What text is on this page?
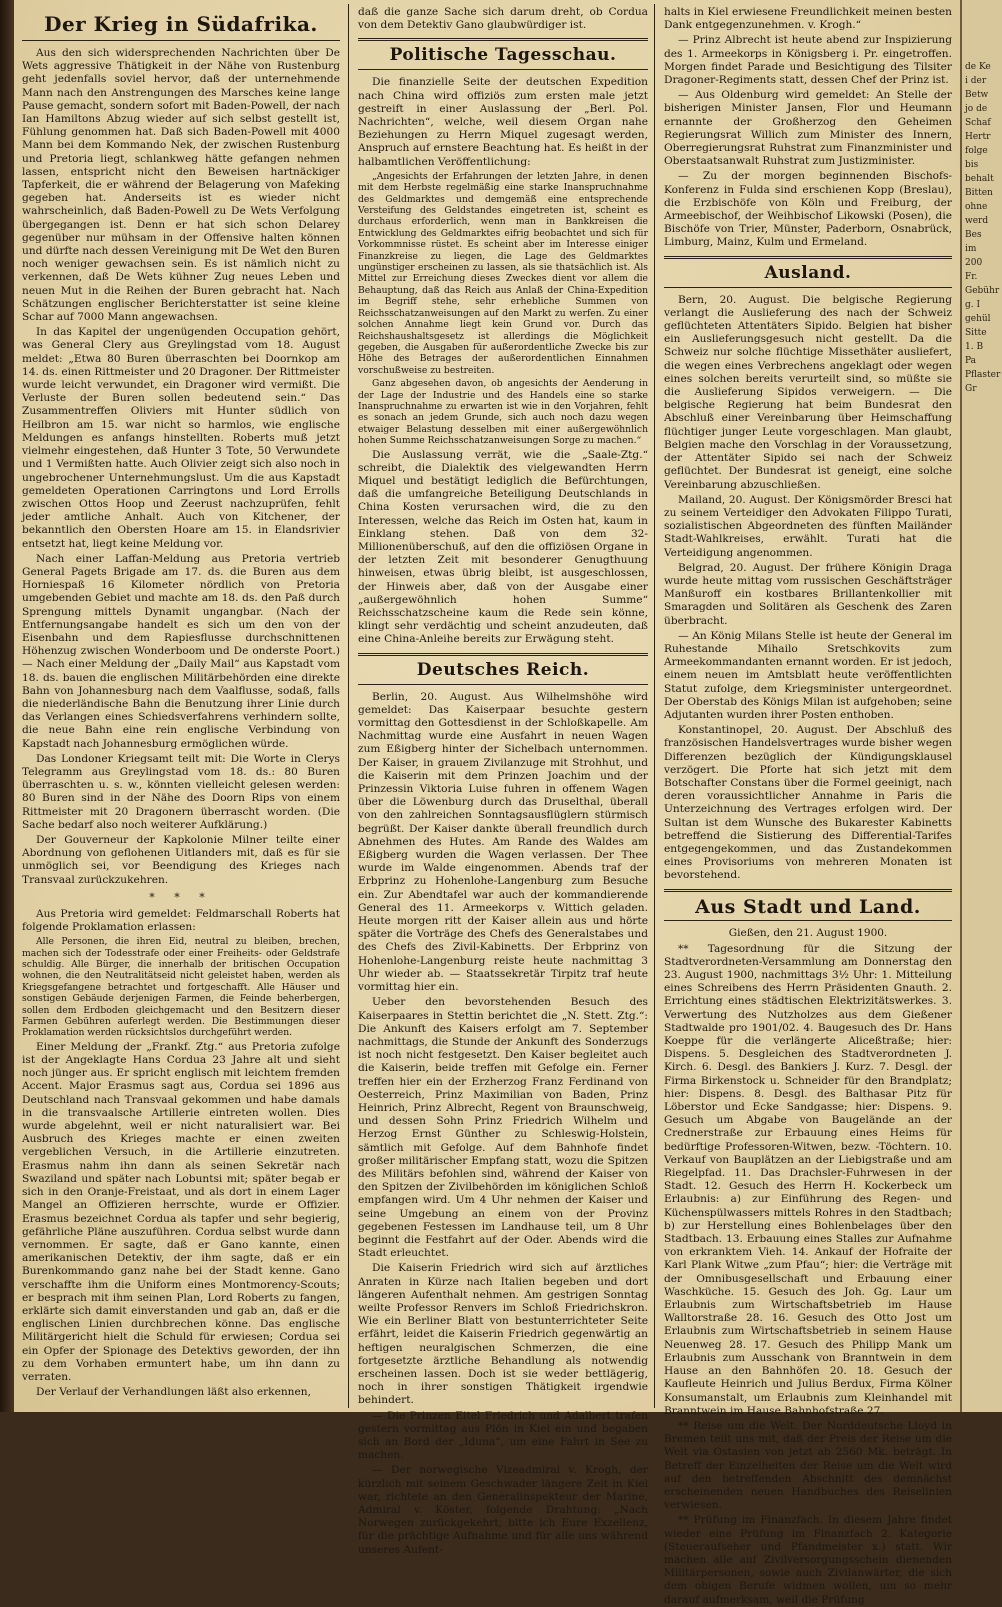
de Ke
i der
Betw
jo de
Schaf
Hertr
folge
bis
behalt
Bitten
ohne
werd
Bes
im
200
Fr.
Gebühr
g. I
gehül
Sitte
1. B
Pa
Pflaster
Gr
Der Krieg in Südafrika.

Aus den sich widersprechenden Nachrichten über De Wets aggressive Thätigkeit in der Nähe von Rustenburg geht jedenfalls soviel hervor, daß der unternehmende Mann nach den Anstrengungen des Marsches keine lange Pause gemacht, sondern sofort mit Baden-Powell, der nach Ian Hamiltons Abzug wieder auf sich selbst gestellt ist, Fühlung genommen hat. Daß sich Baden-Powell mit 4000 Mann bei dem Kommando Nek, der zwischen Rustenburg und Pretoria liegt, schlankweg hätte gefangen nehmen lassen, entspricht nicht den Beweisen hartnäckiger Tapferkeit, die er während der Belagerung von Mafeking gegeben hat. Anderseits ist es wieder nicht wahrscheinlich, daß Baden-Powell zu De Wets Verfolgung übergegangen ist. Denn er hat sich schon Delarey gegenüber nur mühsam in der Offensive halten können und dürfte nach dessen Vereinigung mit De Wet den Buren noch weniger gewachsen sein. Es ist nämlich nicht zu verkennen, daß De Wets kühner Zug neues Leben und neuen Mut in die Reihen der Buren gebracht hat. Nach Schätzungen englischer Berichterstatter ist seine kleine Schar auf 7000 Mann angewachsen.

In das Kapitel der ungenügenden Occupation gehört, was General Clery aus Greylingstad vom 18. August meldet: „Etwa 80 Buren überraschten bei Doornkop am 14. ds. einen Rittmeister und 20 Dragoner. Der Rittmeister wurde leicht verwundet, ein Dragoner wird vermißt. Die Verluste der Buren sollen bedeutend sein.“ Das Zusammentreffen Oliviers mit Hunter südlich von Heilbron am 15. war nicht so harmlos, wie englische Meldungen es anfangs hinstellten. Roberts muß jetzt vielmehr eingestehen, daß Hunter 3 Tote, 50 Verwundete und 1 Vermißten hatte. Auch Olivier zeigt sich also noch in ungebrochener Unternehmungslust. Um die aus Kapstadt gemeldeten Operationen Carringtons und Lord Errolls zwischen Ottos Hoop und Zeerust nachzuprüfen, fehlt jeder amtliche Anhalt. Auch von Kitchener, der bekanntlich den Obersten Hoare am 15. in Elandsrivier entsetzt hat, liegt keine Meldung vor.

Nach einer Laffan-Meldung aus Pretoria vertrieb General Pagets Brigade am 17. ds. die Buren aus dem Horniespaß 16 Kilometer nördlich von Pretoria umgebenden Gebiet und machte am 18. ds. den Paß durch Sprengung mittels Dynamit ungangbar. (Nach der Entfernungsangabe handelt es sich um den von der Eisenbahn und dem Rapiesflusse durchschnittenen Höhenzug zwischen Wonderboom und De onderste Poort.) — Nach einer Meldung der „Daily Mail“ aus Kapstadt vom 18. ds. bauen die englischen Militärbehörden eine direkte Bahn von Johannesburg nach dem Vaalflusse, sodaß, falls die niederländische Bahn die Benutzung ihrer Linie durch das Verlangen eines Schiedsverfahrens verhindern sollte, die neue Bahn eine rein englische Verbindung von Kapstadt nach Johannesburg ermöglichen würde.

Das Londoner Kriegsamt teilt mit: Die Worte in Clerys Telegramm aus Greylingstad vom 18. ds.: 80 Buren überraschten u. s. w., könnten vielleicht gelesen werden: 80 Buren sind in der Nähe des Doorn Rips von einem Rittmeister mit 20 Dragonern überrascht worden. (Die Sache bedarf also noch weiterer Aufklärung.)

Der Gouverneur der Kapkolonie Milner teilte einer Abordnung von geflohenen Uitlanders mit, daß es für sie unmöglich sei, vor Beendigung des Krieges nach Transvaal zurückzukehren.

* * *

Aus Pretoria wird gemeldet: Feldmarschall Roberts hat folgende Proklamation erlassen:

Alle Personen, die ihren Eid, neutral zu bleiben, brechen, machen sich der Todesstrafe oder einer Freiheits- oder Geldstrafe schuldig. Alle Bürger, die innerhalb der britischen Occupation wohnen, die den Neutralitätseid nicht geleistet haben, werden als Kriegsgefangene betrachtet und fortgeschafft. Alle Häuser und sonstigen Gebäude derjenigen Farmen, die Feinde beherbergen, sollen dem Erdboden gleichgemacht und den Besitzern dieser Farmen Gebühren auferlegt werden. Die Bestimmungen dieser Proklamation werden rücksichtslos durchgeführt werden.

Einer Meldung der „Frankf. Ztg.“ aus Pretoria zufolge ist der Angeklagte Hans Cordua 23 Jahre alt und sieht noch jünger aus. Er spricht englisch mit leichtem fremden Accent. Major Erasmus sagt aus, Cordua sei 1896 aus Deutschland nach Transvaal gekommen und habe damals in die transvaalsche Artillerie eintreten wollen. Dies wurde abgelehnt, weil er nicht naturalisiert war. Bei Ausbruch des Krieges machte er einen zweiten vergeblichen Versuch, in die Artillerie einzutreten. Erasmus nahm ihn dann als seinen Sekretär nach Swaziland und später nach Lobuntsi mit; später begab er sich in den Oranje-Freistaat, und als dort in einem Lager Mangel an Offizieren herrschte, wurde er Offizier. Erasmus bezeichnet Cordua als tapfer und sehr begierig, gefährliche Pläne auszuführen. Cordua selbst wurde dann vernommen. Er sagte, daß er Gano kannte, einen amerikanischen Detektiv, der ihm sagte, daß er ein Burenkommando ganz nahe bei der Stadt kenne. Gano verschaffte ihm die Uniform eines Montmorency-Scouts; er besprach mit ihm seinen Plan, Lord Roberts zu fangen, erklärte sich damit einverstanden und gab an, daß er die englischen Linien durchbrechen könne. Das englische Militärgericht hielt die Schuld für erwiesen; Cordua sei ein Opfer der Spionage des Detektivs geworden, der ihn zu dem Vorhaben ermuntert habe, um ihn dann zu verraten.

Der Verlauf der Verhandlungen läßt also erkennen,

daß die ganze Sache sich darum dreht, ob Cordua von dem Detektiv Gano glaubwürdiger ist.

Politische Tagesschau.

Die finanzielle Seite der deutschen Expedition nach China wird offiziös zum ersten male jetzt gestreift in einer Auslassung der „Berl. Pol. Nachrichten“, welche, weil diesem Organ nahe Beziehungen zu Herrn Miquel zugesagt werden, Anspruch auf ernstere Beachtung hat. Es heißt in der halbamtlichen Veröffentlichung:

„Angesichts der Erfahrungen der letzten Jahre, in denen mit dem Herbste regelmäßig eine starke Inanspruchnahme des Geldmarktes und demgemäß eine entsprechende Versteifung des Geldstandes eingetreten ist, scheint es durchaus erforderlich, wenn man in Bankkreisen die Entwicklung des Geldmarktes eifrig beobachtet und sich für Vorkommnisse rüstet. Es scheint aber im Interesse einiger Finanzkreise zu liegen, die Lage des Geldmarktes ungünstiger erscheinen zu lassen, als sie thatsächlich ist. Als Mittel zur Erreichung dieses Zweckes dient vor allem die Behauptung, daß das Reich aus Anlaß der China-Expedition im Begriff stehe, sehr erhebliche Summen von Reichsschatzanweisungen auf den Markt zu werfen. Zu einer solchen Annahme liegt kein Grund vor. Durch das Reichshaushaltsgesetz ist allerdings die Möglichkeit gegeben, die Ausgaben für außerordentliche Zwecke bis zur Höhe des Betrages der außerordentlichen Einnahmen vorschußweise zu bestreiten.

Ganz abgesehen davon, ob angesichts der Aenderung in der Lage der Industrie und des Handels eine so starke Inanspruchnahme zu erwarten ist wie in den Vorjahren, fehlt es sonach an jedem Grunde, sich auch noch dazu wegen etwaiger Belastung desselben mit einer außergewöhnlich hohen Summe Reichsschatzanweisungen Sorge zu machen.“

Die Auslassung verrät, wie die „Saale-Ztg.“ schreibt, die Dialektik des vielgewandten Herrn Miquel und bestätigt lediglich die Befürchtungen, daß die umfangreiche Beteiligung Deutschlands in China Kosten verursachen wird, die zu den Interessen, welche das Reich im Osten hat, kaum in Einklang stehen. Daß von dem 32-Millionenüberschuß, auf den die offiziösen Organe in der letzten Zeit mit besonderer Genugthuung hinweisen, etwas übrig bleibt, ist ausgeschlossen, der Hinweis aber, daß von der Ausgabe einer „außergewöhnlich hohen Summe“ Reichsschatzscheine kaum die Rede sein könne, klingt sehr verdächtig und scheint anzudeuten, daß eine China-Anleihe bereits zur Erwägung steht.

Deutsches Reich.

Berlin, 20. August. Aus Wilhelmshöhe wird gemeldet: Das Kaiserpaar besuchte gestern vormittag den Gottesdienst in der Schloßkapelle. Am Nachmittag wurde eine Ausfahrt in neuen Wagen zum Eßigberg hinter der Sichelbach unternommen. Der Kaiser, in grauem Zivilanzuge mit Strohhut, und die Kaiserin mit dem Prinzen Joachim und der Prinzessin Viktoria Luise fuhren in offenem Wagen über die Löwenburg durch das Druselthal, überall von den zahlreichen Sonntagsausflüglern stürmisch begrüßt. Der Kaiser dankte überall freundlich durch Abnehmen des Hutes. Am Rande des Waldes am Eßigberg wurden die Wagen verlassen. Der Thee wurde im Walde eingenommen. Abends traf der Erbprinz zu Hohenlohe-Langenburg zum Besuche ein. Zur Abendtafel war auch der kommandierende General des 11. Armeekorps v. Wittich geladen. Heute morgen ritt der Kaiser allein aus und hörte später die Vorträge des Chefs des Generalstabes und des Chefs des Zivil-Kabinetts. Der Erbprinz von Hohenlohe-Langenburg reiste heute nachmittag 3 Uhr wieder ab. — Staatssekretär Tirpitz traf heute vormittag hier ein.

Ueber den bevorstehenden Besuch des Kaiserpaares in Stettin berichtet die „N. Stett. Ztg.“: Die Ankunft des Kaisers erfolgt am 7. September nachmittags, die Stunde der Ankunft des Sonderzugs ist noch nicht festgesetzt. Den Kaiser begleitet auch die Kaiserin, beide treffen mit Gefolge ein. Ferner treffen hier ein der Erzherzog Franz Ferdinand von Oesterreich, Prinz Maximilian von Baden, Prinz Heinrich, Prinz Albrecht, Regent von Braunschweig, und dessen Sohn Prinz Friedrich Wilhelm und Herzog Ernst Günther zu Schleswig-Holstein, sämtlich mit Gefolge. Auf dem Bahnhofe findet großer militärischer Empfang statt, wozu die Spitzen des Militärs befohlen sind, während der Kaiser von den Spitzen der Zivilbehörden im königlichen Schloß empfangen wird. Um 4 Uhr nehmen der Kaiser und seine Umgebung an einem von der Provinz gegebenen Festessen im Landhause teil, um 8 Uhr beginnt die Festfahrt auf der Oder. Abends wird die Stadt erleuchtet.

Die Kaiserin Friedrich wird sich auf ärztliches Anraten in Kürze nach Italien begeben und dort längeren Aufenthalt nehmen. Am gestrigen Sonntag weilte Professor Renvers im Schloß Friedrichskron. Wie ein Berliner Blatt von bestunterrichteter Seite erfährt, leidet die Kaiserin Friedrich gegenwärtig an heftigen neuralgischen Schmerzen, die eine fortgesetzte ärztliche Behandlung als notwendig erscheinen lassen. Doch ist sie weder bettlägerig, noch in ihrer sonstigen Thätigkeit irgendwie behindert.

— Die Prinzen Eitel Friedrich und Adalbert trafen gestern vormittag aus Plön in Kiel ein und begaben sich an Bord der „Iduna“, um eine Fahrt in See zu machen.

— Der norwegische Vizeadmiral v. Krogh, der kürzlich mit seinem Geschwader längere Zeit in Kiel war, richtete an den Generalinspekteur der Marine, Admiral v. Köster, folgende Drahtung: „Nach Norwegen zurückgekehrt, bitte ich Eure Exzellenz, für die prächtige Aufnahme und für alle uns während unseres Aufent-

halts in Kiel erwiesene Freundlichkeit meinen besten Dank entgegenzunehmen. v. Krogh.“

— Prinz Albrecht ist heute abend zur Inspizierung des 1. Armeekorps in Königsberg i. Pr. eingetroffen. Morgen findet Parade und Besichtigung des Tilsiter Dragoner-Regiments statt, dessen Chef der Prinz ist.

— Aus Oldenburg wird gemeldet: An Stelle der bisherigen Minister Jansen, Flor und Heumann ernannte der Großherzog den Geheimen Regierungsrat Willich zum Minister des Innern, Oberregierungsrat Ruhstrat zum Finanzminister und Oberstaatsanwalt Ruhstrat zum Justizminister.

— Zu der morgen beginnenden Bischofs-Konferenz in Fulda sind erschienen Kopp (Breslau), die Erzbischöfe von Köln und Freiburg, der Armeebischof, der Weihbischof Likowski (Posen), die Bischöfe von Trier, Münster, Paderborn, Osnabrück, Limburg, Mainz, Kulm und Ermeland.

Ausland.

Bern, 20. August. Die belgische Regierung verlangt die Auslieferung des nach der Schweiz geflüchteten Attentäters Sipido. Belgien hat bisher ein Auslieferungsgesuch nicht gestellt. Da die Schweiz nur solche flüchtige Missethäter ausliefert, die wegen eines Verbrechens angeklagt oder wegen eines solchen bereits verurteilt sind, so müßte sie die Auslieferung Sipidos verweigern. — Die belgische Regierung hat beim Bundesrat den Abschluß einer Vereinbarung über Heimschaffung flüchtiger junger Leute vorgeschlagen. Man glaubt, Belgien mache den Vorschlag in der Voraussetzung, der Attentäter Sipido sei nach der Schweiz geflüchtet. Der Bundesrat ist geneigt, eine solche Vereinbarung abzuschließen.

Mailand, 20. August. Der Königsmörder Bresci hat zu seinem Verteidiger den Advokaten Filippo Turati, sozialistischen Abgeordneten des fünften Mailänder Stadt-Wahlkreises, erwählt. Turati hat die Verteidigung angenommen.

Belgrad, 20. August. Der frühere Königin Draga wurde heute mittag vom russischen Geschäftsträger Manßuroff ein kostbares Brillantenkollier mit Smaragden und Solitären als Geschenk des Zaren überbracht.

— An König Milans Stelle ist heute der General im Ruhestande Mihailo Sretschkovits zum Armeekommandanten ernannt worden. Er ist jedoch, einem neuen im Amtsblatt heute veröffentlichten Statut zufolge, dem Kriegsminister untergeordnet. Der Oberstab des Königs Milan ist aufgehoben; seine Adjutanten wurden ihrer Posten enthoben.

Konstantinopel, 20. August. Der Abschluß des französischen Handelsvertrages wurde bisher wegen Differenzen bezüglich der Kündigungsklausel verzögert. Die Pforte hat sich jetzt mit dem Botschafter Constans über die Formel geeinigt, nach deren voraussichtlicher Annahme in Paris die Unterzeichnung des Vertrages erfolgen wird. Der Sultan ist dem Wunsche des Bukarester Kabinetts betreffend die Sistierung des Differential-Tarifes entgegengekommen, und das Zustandekommen eines Provisoriums von mehreren Monaten ist bevorstehend.

Aus Stadt und Land.
Gießen, den 21. August 1900.

** Tagesordnung für die Sitzung der Stadtverordneten-Versammlung am Donnerstag den 23. August 1900, nachmittags 3½ Uhr: 1. Mitteilung eines Schreibens des Herrn Präsidenten Gnauth. 2. Errichtung eines städtischen Elektrizitätswerkes. 3. Verwertung des Nutzholzes aus dem Gießener Stadtwalde pro 1901/02. 4. Baugesuch des Dr. Hans Koeppe für die verlängerte Aliceßtraße; hier: Dispens. 5. Desgleichen des Stadtverordneten J. Kirch. 6. Desgl. des Bankiers J. Kurz. 7. Desgl. der Firma Birkenstock u. Schneider für den Brandplatz; hier: Dispens. 8. Desgl. des Balthasar Pitz für Löberstor und Ecke Sandgasse; hier: Dispens. 9. Gesuch um Abgabe von Baugelände an der Crednerstraße zur Erbauung eines Heims für bedürftige Professoren-Witwen, bezw. -Töchtern. 10. Verkauf von Bauplätzen an der Liebigstraße und am Riegelpfad. 11. Das Drachsler-Fuhrwesen in der Stadt. 12. Gesuch des Herrn H. Kockerbeck um Erlaubnis: a) zur Einführung des Regen- und Küchenspülwassers mittels Rohres in den Stadtbach; b) zur Herstellung eines Bohlenbelages über den Stadtbach. 13. Erbauung eines Stalles zur Aufnahme von erkranktem Vieh. 14. Ankauf der Hofraite der Karl Plank Witwe „zum Pfau“; hier: die Verträge mit der Omnibusgesellschaft und Erbauung einer Waschküche. 15. Gesuch des Joh. Gg. Laur um Erlaubnis zum Wirtschaftsbetrieb im Hause Walltorstraße 28. 16. Gesuch des Otto Jost um Erlaubnis zum Wirtschaftsbetrieb in seinem Hause Neuenweg 28. 17. Gesuch des Philipp Mank um Erlaubnis zum Ausschank von Branntwein in dem Hause an den Bahnhöfen 20. 18. Gesuch der Kaufleute Heinrich und Julius Berdux, Firma Kölner Konsumanstalt, um Erlaubnis zum Kleinhandel mit Branntwein im Hause Bahnhofstraße 27.

** Reise um die Welt. Der Norddeutsche Lloyd in Bremen teilt uns mit, daß der Preis der Reise um die Welt via Ostasien von jetzt ab 2560 Mk. beträgt. In Betreff der Einzelheiten der Reise um die Welt wird auf den betreffenden Abschnitt des demnächst erscheinenden neuen Handbuches des Reiselinien verwiesen.

** Prüfung im Finanzfach. In diesem Jahre findet wieder eine Prüfung im Finanzfach 2. Kategorie (Steueraufseher und Pfandmeister x.) statt. Wir machen alle auf Zivilversorgungsschein dienenden Militärpersonen, sowie auch Zivilanwärter, die sich dem obigen Berufe widmen wollen, um so mehr darauf aufmerksam, weil die Prüfung
